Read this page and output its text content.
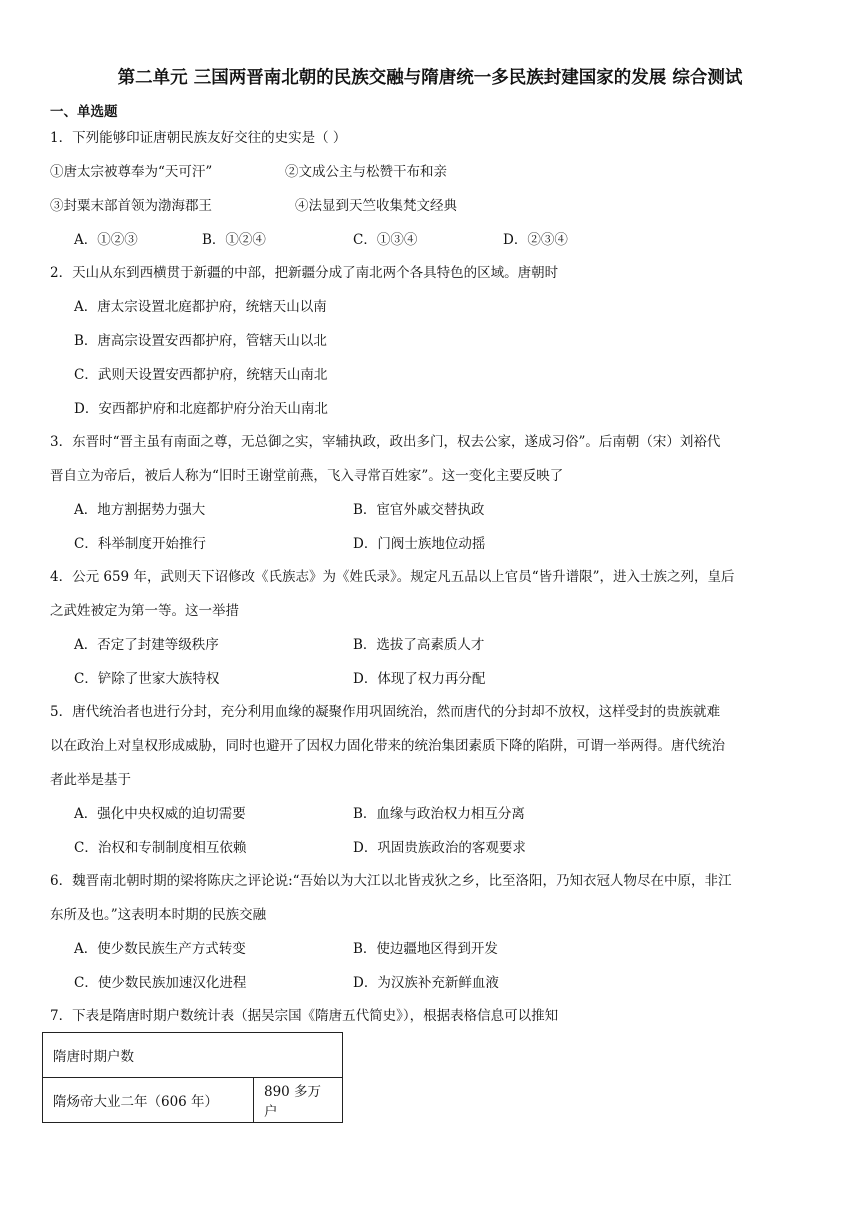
第二单元 三国两晋南北朝的民族交融与隋唐统一多民族封建国家的发展 综合测试
一、单选题
1．下列能够印证唐朝民族友好交往的史实是（ ）
①唐太宗被尊奉为“天可汗”	②文成公主与松赞干布和亲
③封粟末部首领为渤海郡王	④法显到天竺收集梵文经典
A．①②③	B．①②④	C．①③④	D．②③④
2．天山从东到西横贯于新疆的中部，把新疆分成了南北两个各具特色的区域。唐朝时
A．唐太宗设置北庭都护府，统辖天山以南
B．唐高宗设置安西都护府，管辖天山以北
C．武则天设置安西都护府，统辖天山南北
D．安西都护府和北庭都护府分治天山南北
3．东晋时“晋主虽有南面之尊，无总御之实，宰辅执政，政出多门，权去公家，遂成习俗”。后南朝（宋）刘裕代
晋自立为帝后，被后人称为“旧时王谢堂前燕，飞入寻常百姓家”。这一变化主要反映了
A．地方割据势力强大	B．宦官外戚交替执政
C．科举制度开始推行	D．门阀士族地位动摇
4．公元 659 年，武则天下诏修改《氏族志》为《姓氏录》。规定凡五品以上官员“皆升谱限”，进入士族之列，皇后
之武姓被定为第一等。这一举措
A．否定了封建等级秩序	B．选拔了高素质人才
C．铲除了世家大族特权	D．体现了权力再分配
5．唐代统治者也进行分封，充分利用血缘的凝聚作用巩固统治，然而唐代的分封却不放权，这样受封的贵族就难
以在政治上对皇权形成威胁，同时也避开了因权力固化带来的统治集团素质下降的陷阱，可谓一举两得。唐代统治
者此举是基于
A．强化中央权威的迫切需要	B．血缘与政治权力相互分离
C．治权和专制制度相互依赖	D．巩固贵族政治的客观要求
6．魏晋南北朝时期的梁将陈庆之评论说:“吾始以为大江以北皆戎狄之乡，比至洛阳，乃知衣冠人物尽在中原，非江
东所及也。”这表明本时期的民族交融
A．使少数民族生产方式转变	B．使边疆地区得到开发
C．使少数民族加速汉化进程	D．为汉族补充新鲜血液
7．下表是隋唐时期户数统计表（据吴宗国《隋唐五代简史》），根据表格信息可以推知
隋唐时期户数
隋炀帝大业二年（606 年）	890 多万户
